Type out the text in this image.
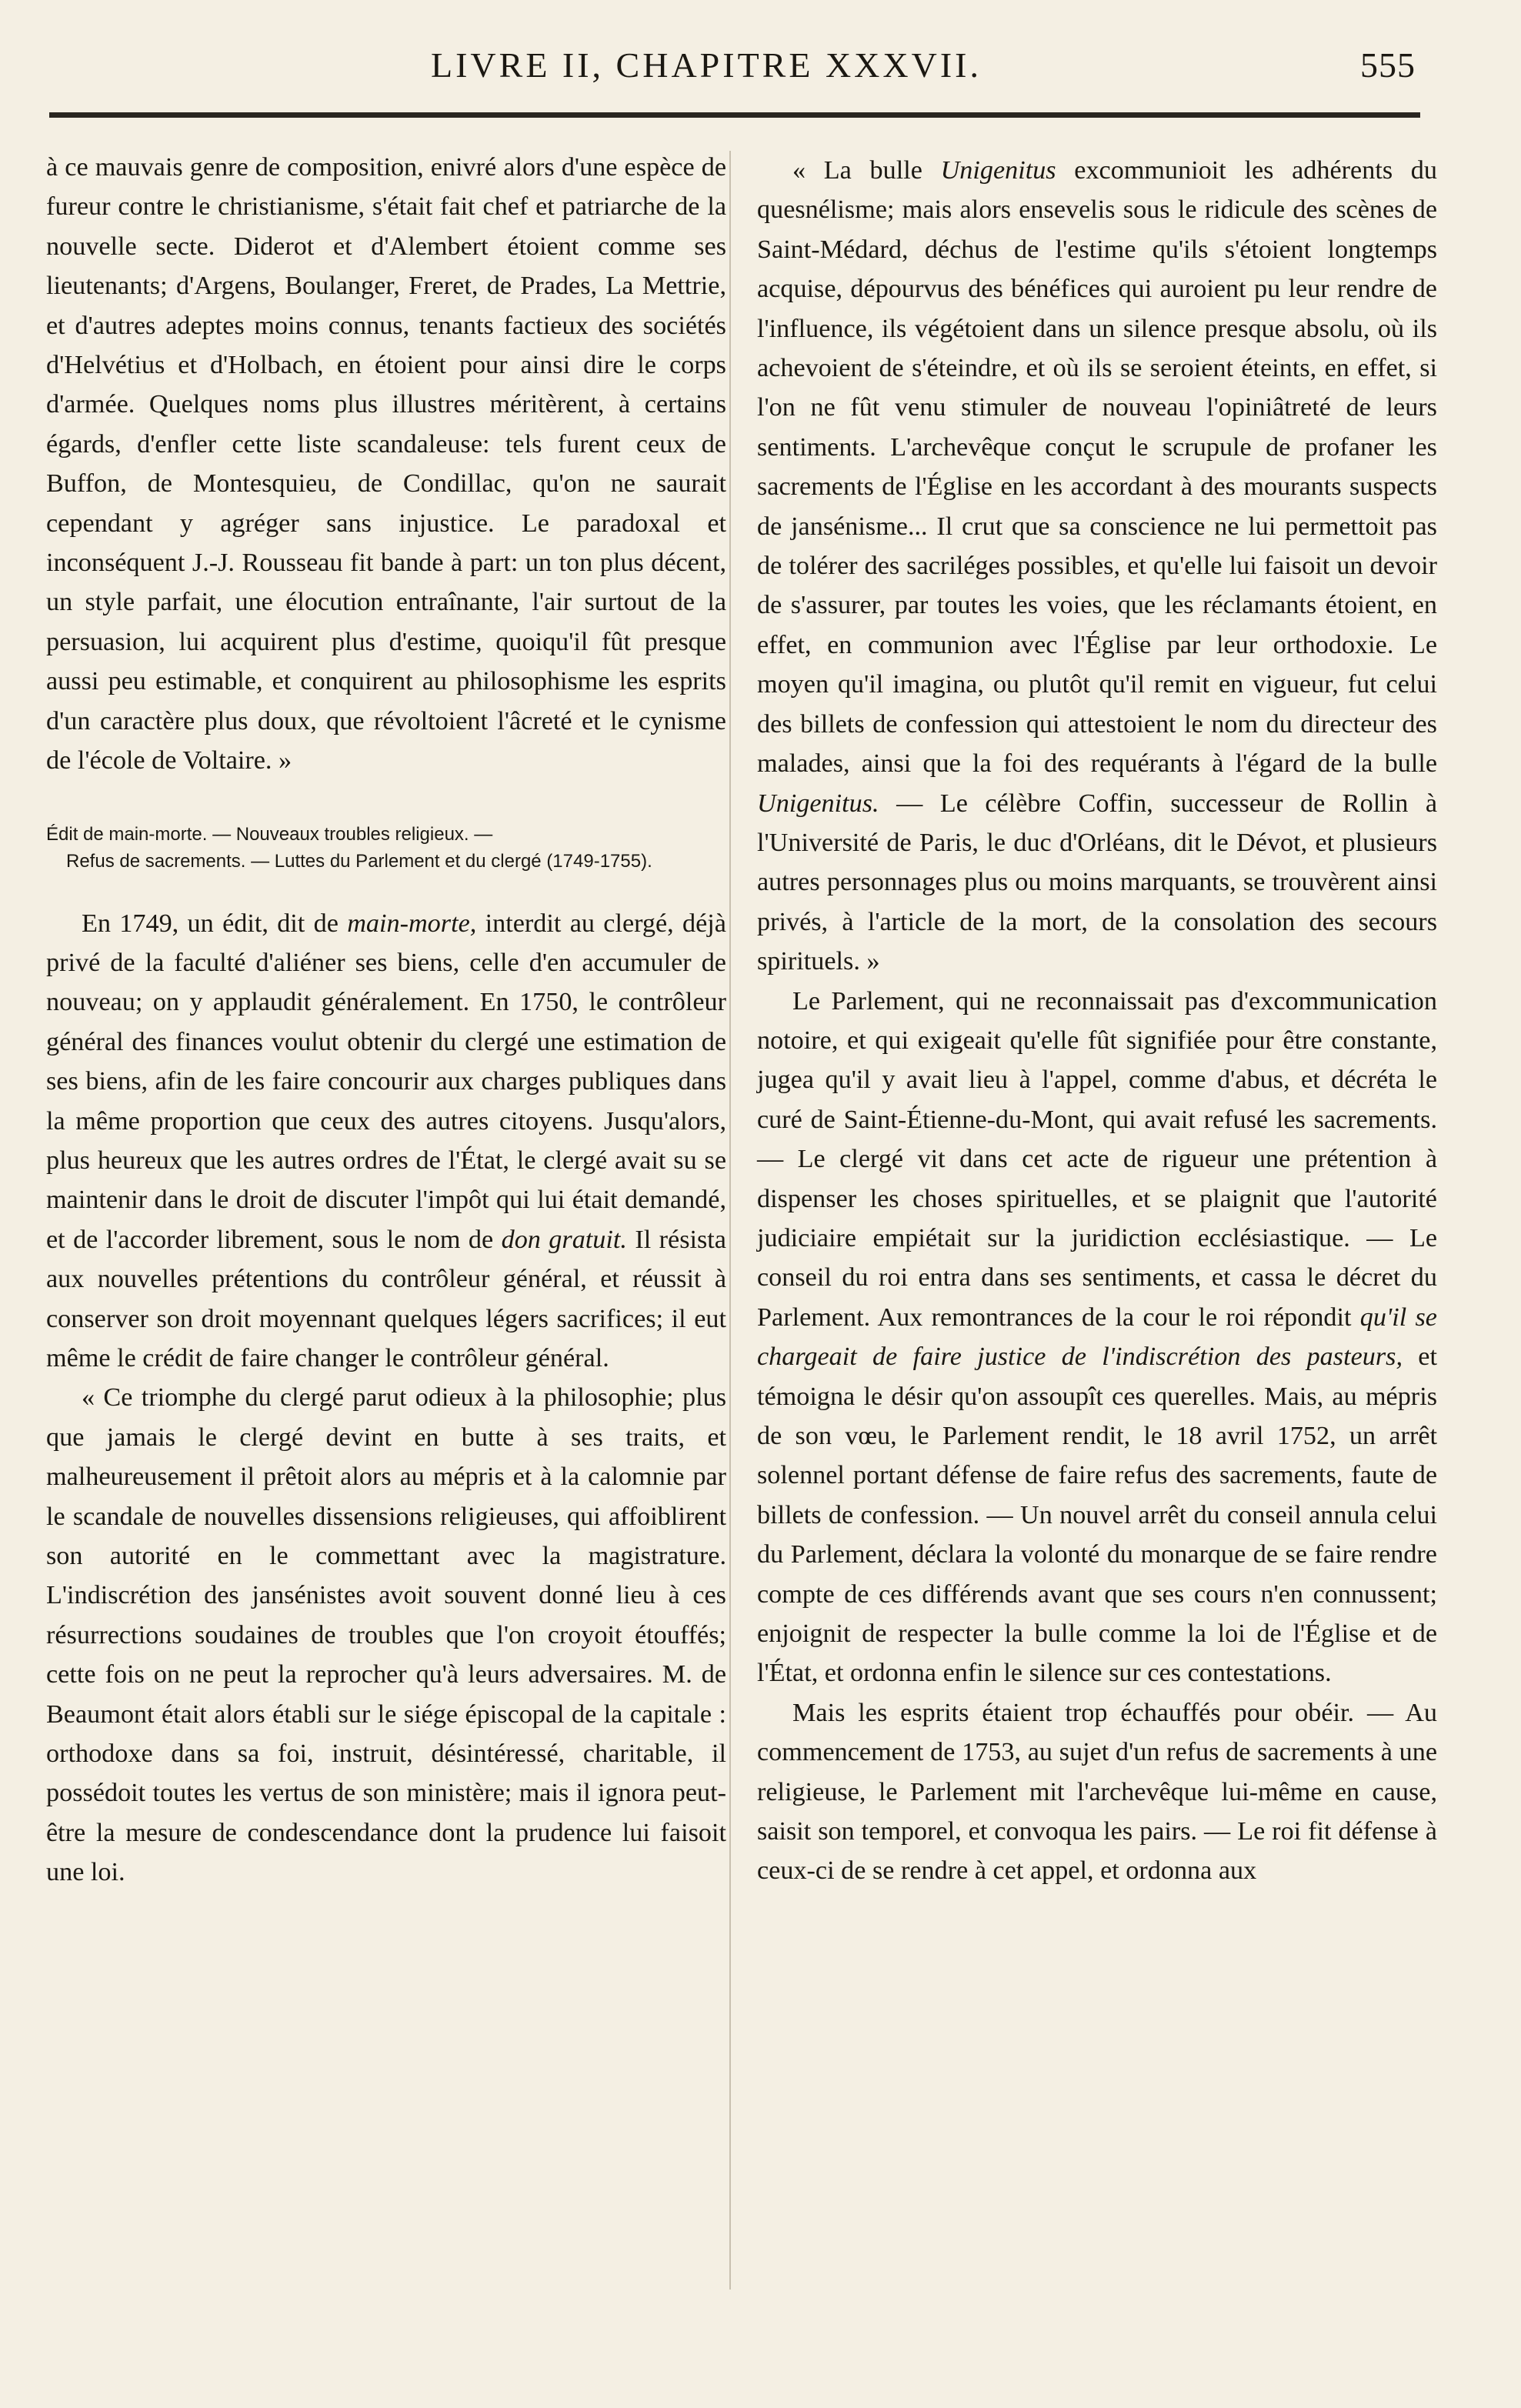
LIVRE II, CHAPITRE XXXVII.	555

à ce mauvais genre de composition, enivré alors d'une espèce de fureur contre le christianisme, s'était fait chef et patriarche de la nouvelle secte. Diderot et d'Alembert étoient comme ses lieutenants; d'Argens, Boulanger, Freret, de Prades, La Mettrie, et d'autres adeptes moins connus, tenants factieux des sociétés d'Helvétius et d'Holbach, en étoient pour ainsi dire le corps d'armée. Quelques noms plus illustres méritèrent, à certains égards, d'enfler cette liste scandaleuse: tels furent ceux de Buffon, de Montesquieu, de Condillac, qu'on ne saurait cependant y agréger sans injustice. Le paradoxal et inconséquent J.-J. Rousseau fit bande à part: un ton plus décent, un style parfait, une élocution entraînante, l'air surtout de la persuasion, lui acquirent plus d'estime, quoiqu'il fût presque aussi peu estimable, et conquirent au philosophisme les esprits d'un caractère plus doux, que révoltoient l'âcreté et le cynisme de l'école de Voltaire. »

Édit de main-morte. — Nouveaux troubles religieux. —
Refus de sacrements. — Luttes du Parlement et du clergé (1749-1755).

En 1749, un édit, dit de main-morte, interdit au clergé, déjà privé de la faculté d'aliéner ses biens, celle d'en accumuler de nouveau; on y applaudit généralement. En 1750, le contrôleur général des finances voulut obtenir du clergé une estimation de ses biens, afin de les faire concourir aux charges publiques dans la même proportion que ceux des autres citoyens. Jusqu'alors, plus heureux que les autres ordres de l'État, le clergé avait su se maintenir dans le droit de discuter l'impôt qui lui était demandé, et de l'accorder librement, sous le nom de don gratuit. Il résista aux nouvelles prétentions du contrôleur général, et réussit à conserver son droit moyennant quelques légers sacrifices; il eut même le crédit de faire changer le contrôleur général.

« Ce triomphe du clergé parut odieux à la philosophie; plus que jamais le clergé devint en butte à ses traits, et malheureusement il prêtoit alors au mépris et à la calomnie par le scandale de nouvelles dissensions religieuses, qui affoiblirent son autorité en le commettant avec la magistrature. L'indiscrétion des jansénistes avoit souvent donné lieu à ces résurrections soudaines de troubles que l'on croyoit étouffés; cette fois on ne peut la reprocher qu'à leurs adversaires. M. de Beaumont était alors établi sur le siége épiscopal de la capitale : orthodoxe dans sa foi, instruit, désintéressé, charitable, il possédoit toutes les vertus de son ministère; mais il ignora peut-être la mesure de condescendance dont la prudence lui faisoit une loi.

« La bulle Unigenitus excommunioit les adhérents du quesnélisme; mais alors ensevelis sous le ridicule des scènes de Saint-Médard, déchus de l'estime qu'ils s'étoient longtemps acquise, dépourvus des bénéfices qui auroient pu leur rendre de l'influence, ils végétoient dans un silence presque absolu, où ils achevoient de s'éteindre, et où ils se seroient éteints, en effet, si l'on ne fût venu stimuler de nouveau l'opiniâtreté de leurs sentiments. L'archevêque conçut le scrupule de profaner les sacrements de l'Église en les accordant à des mourants suspects de jansénisme... Il crut que sa conscience ne lui permettoit pas de tolérer des sacriléges possibles, et qu'elle lui faisoit un devoir de s'assurer, par toutes les voies, que les réclamants étoient, en effet, en communion avec l'Église par leur orthodoxie. Le moyen qu'il imagina, ou plutôt qu'il remit en vigueur, fut celui des billets de confession qui attestoient le nom du directeur des malades, ainsi que la foi des requérants à l'égard de la bulle Unigenitus. — Le célèbre Coffin, successeur de Rollin à l'Université de Paris, le duc d'Orléans, dit le Dévot, et plusieurs autres personnages plus ou moins marquants, se trouvèrent ainsi privés, à l'article de la mort, de la consolation des secours spirituels. »

Le Parlement, qui ne reconnaissait pas d'excommunication notoire, et qui exigeait qu'elle fût signifiée pour être constante, jugea qu'il y avait lieu à l'appel, comme d'abus, et décréta le curé de Saint-Étienne-du-Mont, qui avait refusé les sacrements. — Le clergé vit dans cet acte de rigueur une prétention à dispenser les choses spirituelles, et se plaignit que l'autorité judiciaire empiétait sur la juridiction ecclésiastique. — Le conseil du roi entra dans ses sentiments, et cassa le décret du Parlement. Aux remontrances de la cour le roi répondit qu'il se chargeait de faire justice de l'indiscrétion des pasteurs, et témoigna le désir qu'on assoupît ces querelles. Mais, au mépris de son vœu, le Parlement rendit, le 18 avril 1752, un arrêt solennel portant défense de faire refus des sacrements, faute de billets de confession. — Un nouvel arrêt du conseil annula celui du Parlement, déclara la volonté du monarque de se faire rendre compte de ces différends avant que ses cours n'en connussent; enjoignit de respecter la bulle comme la loi de l'Église et de l'État, et ordonna enfin le silence sur ces contestations.

Mais les esprits étaient trop échauffés pour obéir. — Au commencement de 1753, au sujet d'un refus de sacrements à une religieuse, le Parlement mit l'archevêque lui-même en cause, saisit son temporel, et convoqua les pairs. — Le roi fit défense à ceux-ci de se rendre à cet appel, et ordonna aux
